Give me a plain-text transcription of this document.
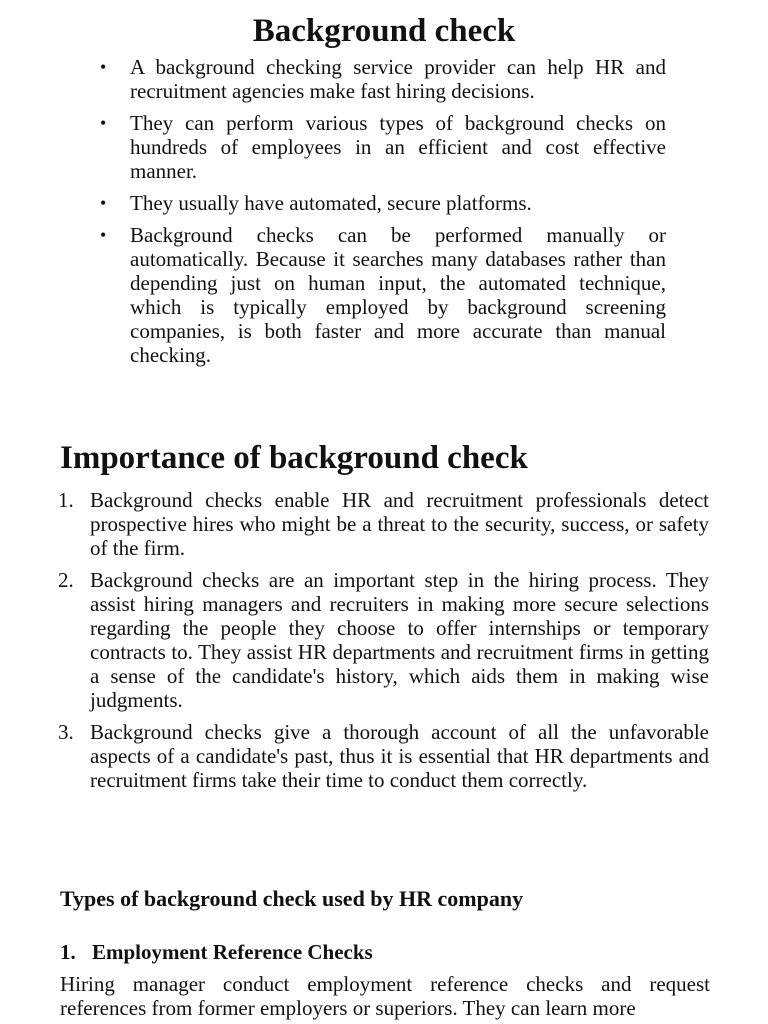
Background check
• A background checking service provider can help HR and recruitment agencies make fast hiring decisions.
• They can perform various types of background checks on hundreds of employees in an efficient and cost effective manner.
• They usually have automated, secure platforms.
• Background checks can be performed manually or automatically. Because it searches many databases rather than depending just on human input, the automated technique, which is typically employed by background screening companies, is both faster and more accurate than manual checking.
Importance of background check
1. Background checks enable HR and recruitment professionals detect prospective hires who might be a threat to the security, success, or safety of the firm.
2. Background checks are an important step in the hiring process. They assist hiring managers and recruiters in making more secure selections regarding the people they choose to offer internships or temporary contracts to. They assist HR departments and recruitment firms in getting a sense of the candidate's history, which aids them in making wise judgments.
3. Background checks give a thorough account of all the unfavorable aspects of a candidate's past, thus it is essential that HR departments and recruitment firms take their time to conduct them correctly.
Types of background check used by HR company
1. Employment Reference Checks

Hiring manager conduct employment reference checks and request references from former employers or superiors. They can learn more
